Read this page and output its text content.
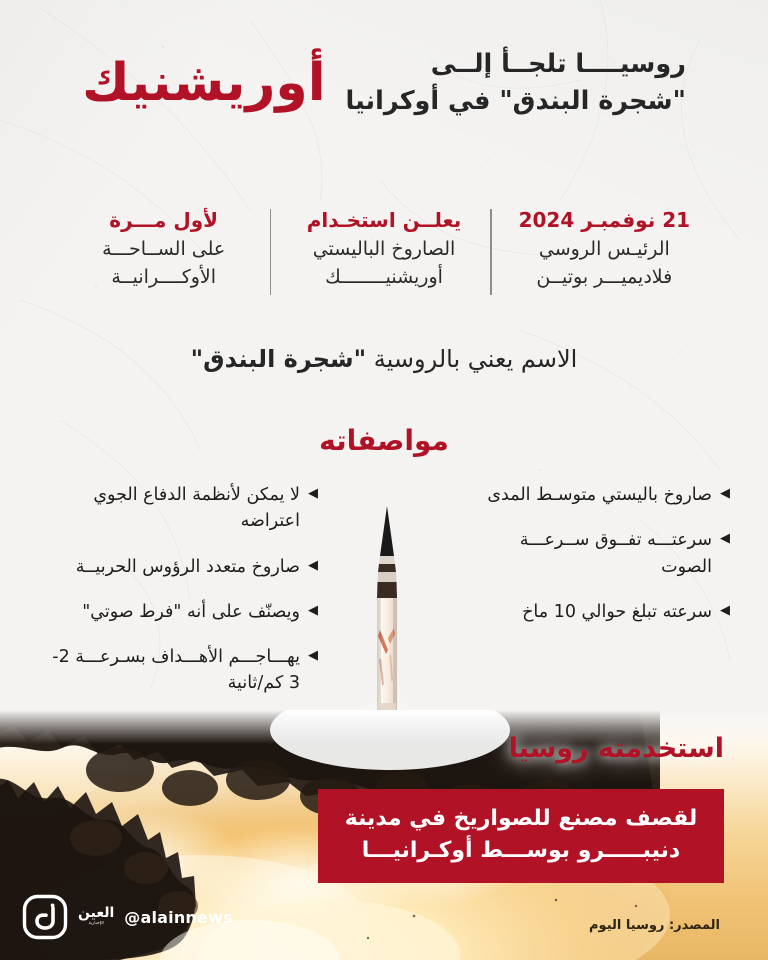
روسيــــا تلجــأ إلــى
"شجرة البندق" في أوكرانيا
أوريشنيك
21 نوفمبـر 2024
الرئيـس الروسي
فلاديميـــر بوتيــن
يعلــن استخـدام
الصاروخ الباليستي
أوريشنيــــــــك
لأول مـــرة
على الســاحـــة
الأوكــــرانيــة
الاسم يعني بالروسية "شجرة البندق"
مواصفاته
◀
صاروخ باليستي متوسـط المدى
◀
سرعتـــه تفــوق ســرعـــة الصوت
◀
سرعته تبلغ حوالي 10 ماخ
◀
لا يمكن لأنظمة الدفاع الجوي اعتراضه
◀
صاروخ متعدد الرؤوس الحربيــة
◀
ويصنّف على أنه "فرط صوتي"
◀
يهـــاجـــم الأهـــداف بسـرعـــة 2- 3 كم/ثانية
استخدمته روسيا
لقصف مصنع للصواريخ في مدينة
دنيبـــــرو بوســـط أوكـرانيـــا
المصدر: روسيا اليوم
العين
الإخبارية @alainnews
